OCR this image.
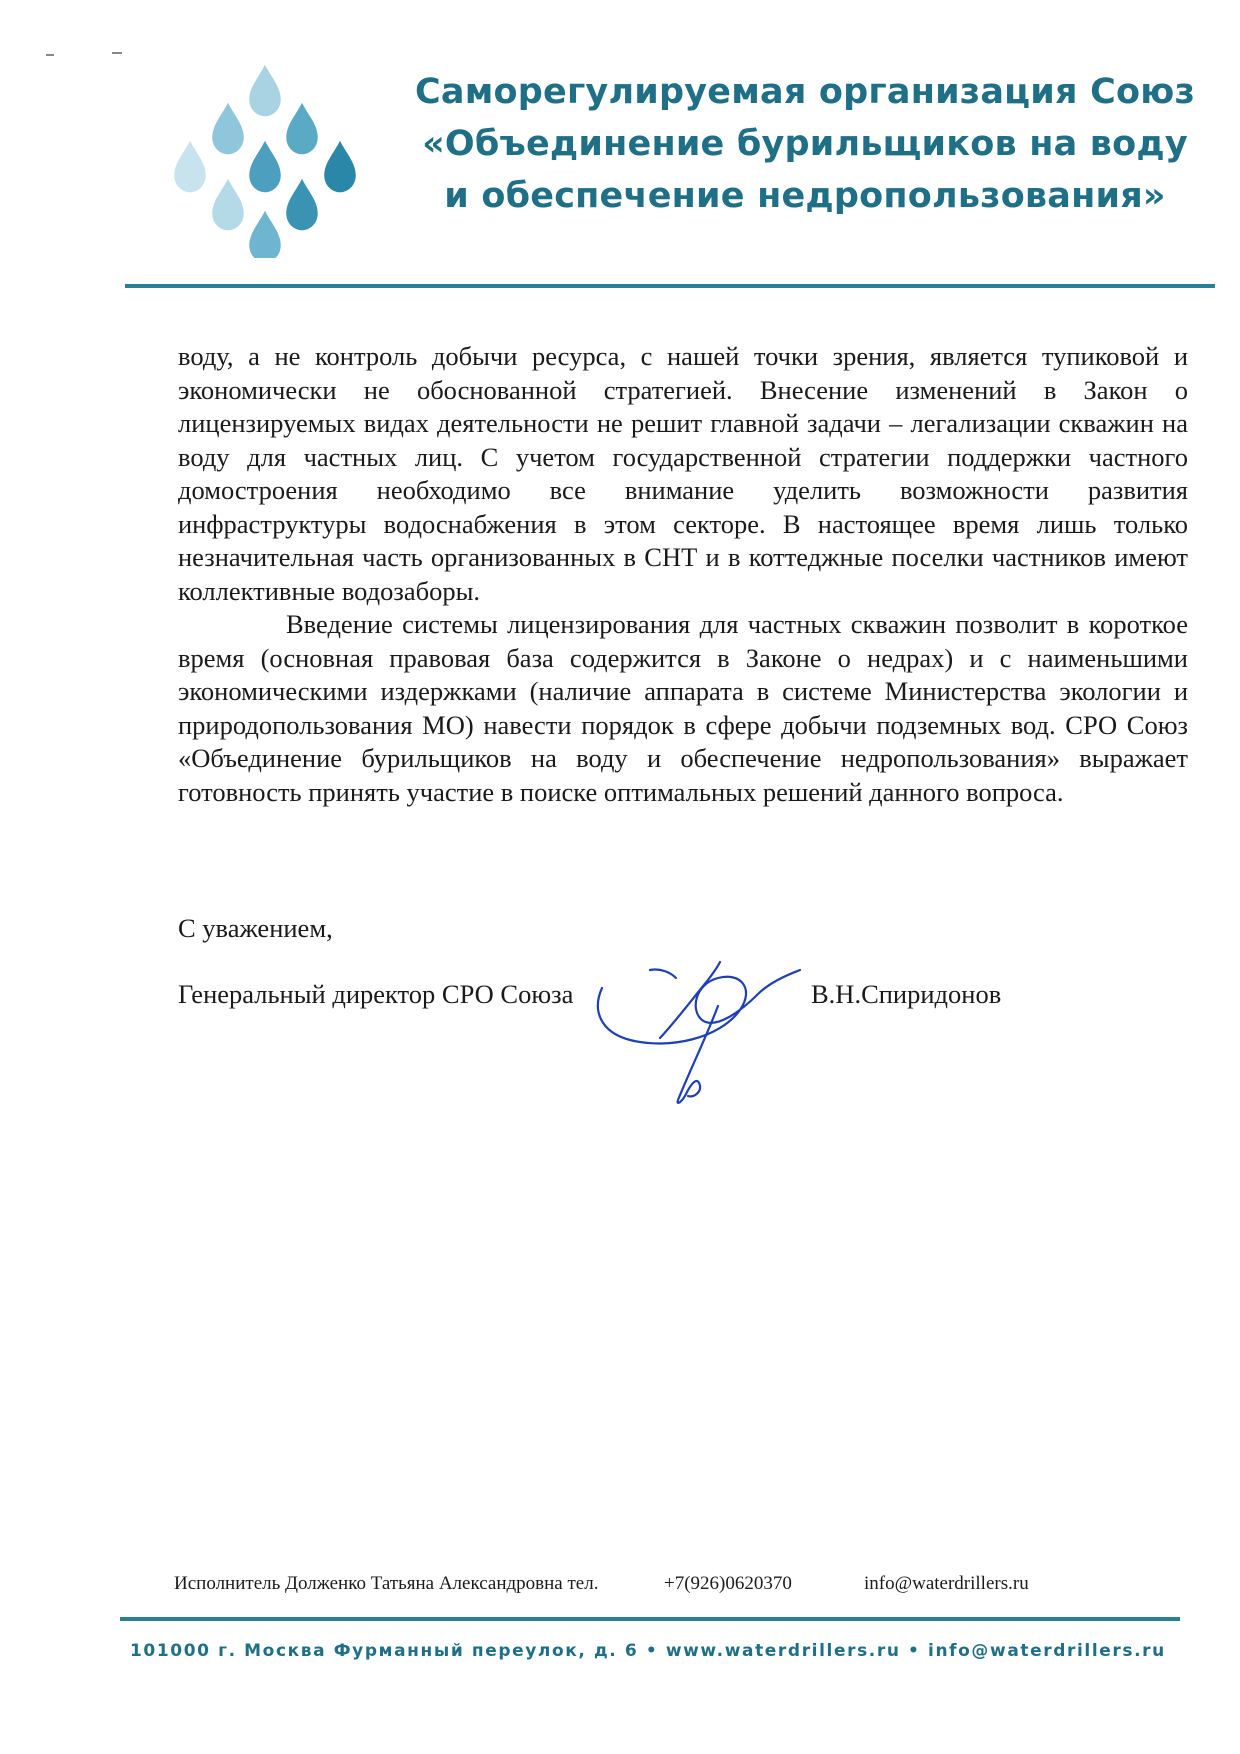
Саморегулируемая организация Союз
«Объединение бурильщиков на воду
и обеспечение недропользования»

воду, а не контроль добычи ресурса, с нашей точки зрения, является тупиковой и экономически не обоснованной стратегией. Внесение изменений в Закон о лицензируемых видах деятельности не решит главной задачи – легализации скважин на воду для частных лиц. С учетом государственной стратегии поддержки частного домостроения необходимо все внимание уделить возможности развития инфраструктуры водоснабжения в этом секторе. В настоящее время лишь только незначительная часть организованных в СНТ и в коттеджные поселки частников имеют коллективные водозаборы.

Введение системы лицензирования для частных скважин позволит в короткое время (основная правовая база содержится в Законе о недрах) и с наименьшими экономическими издержками (наличие аппарата в системе Министерства экологии и природопользования МО) навести порядок в сфере добычи подземных вод. СРО Союз «Объединение бурильщиков на воду и обеспечение недропользования» выражает готовность принять участие в поиске оптимальных решений данного вопроса.

С уважением,
Генеральный директор СРО Союза	В.Н.Спиридонов
Исполнитель Долженко Татьяна Александровна тел.	+7(926)0620370	info@waterdrillers.ru
101000 г. Москва Фурманный переулок, д. 6 • www.waterdrillers.ru • info@waterdrillers.ru
